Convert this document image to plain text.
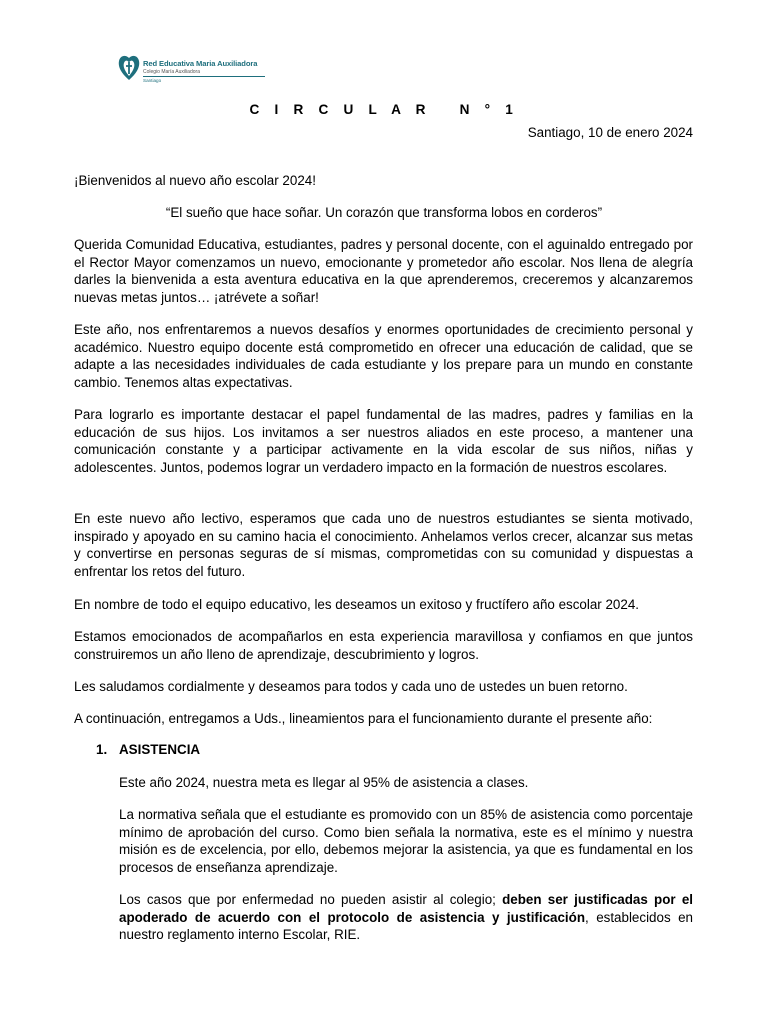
Red Educativa Maria Auxiliadora
Colegio María Auxiliadora
Santiago
C I R C U L A R   N ° 1
Santiago, 10 de enero 2024
¡Bienvenidos al nuevo año escolar 2024!
“El sueño que hace soñar. Un corazón que transforma lobos en corderos”
Querida Comunidad Educativa, estudiantes, padres y personal docente, con el aguinaldo entregado por el Rector Mayor comenzamos un nuevo, emocionante y prometedor año escolar. Nos llena de alegría darles la bienvenida a esta aventura educativa en la que aprenderemos, creceremos y alcanzaremos nuevas metas juntos… ¡atrévete a soñar!
Este año, nos enfrentaremos a nuevos desafíos y enormes oportunidades de crecimiento personal y académico. Nuestro equipo docente está comprometido en ofrecer una educación de calidad, que se adapte a las necesidades individuales de cada estudiante y los prepare para un mundo en constante cambio. Tenemos altas expectativas.
Para lograrlo es importante destacar el papel fundamental de las madres, padres y familias en la educación de sus hijos. Los invitamos a ser nuestros aliados en este proceso, a mantener una comunicación constante y a participar activamente en la vida escolar de sus niños, niñas y adolescentes. Juntos, podemos lograr un verdadero impacto en la formación de nuestros escolares.
En este nuevo año lectivo, esperamos que cada uno de nuestros estudiantes se sienta motivado, inspirado y apoyado en su camino hacia el conocimiento. Anhelamos verlos crecer, alcanzar sus metas y convertirse en personas seguras de sí mismas, comprometidas con su comunidad y dispuestas a enfrentar los retos del futuro.
En nombre de todo el equipo educativo, les deseamos un exitoso y fructífero año escolar 2024.
Estamos emocionados de acompañarlos en esta experiencia maravillosa y confiamos en que juntos construiremos un año lleno de aprendizaje, descubrimiento y logros.
Les saludamos cordialmente y deseamos para todos y cada uno de ustedes un buen retorno.
A continuación, entregamos a Uds., lineamientos para el funcionamiento durante el presente año:
1. ASISTENCIA
Este año 2024, nuestra meta es llegar al 95% de asistencia a clases.
La normativa señala que el estudiante es promovido con un 85% de asistencia como porcentaje mínimo de aprobación del curso. Como bien señala la normativa, este es el mínimo y nuestra misión es de excelencia, por ello, debemos mejorar la asistencia, ya que es fundamental en los procesos de enseñanza aprendizaje.
Los casos que por enfermedad no pueden asistir al colegio; deben ser justificadas por el apoderado de acuerdo con el protocolo de asistencia y justificación, establecidos en nuestro reglamento interno Escolar, RIE.
